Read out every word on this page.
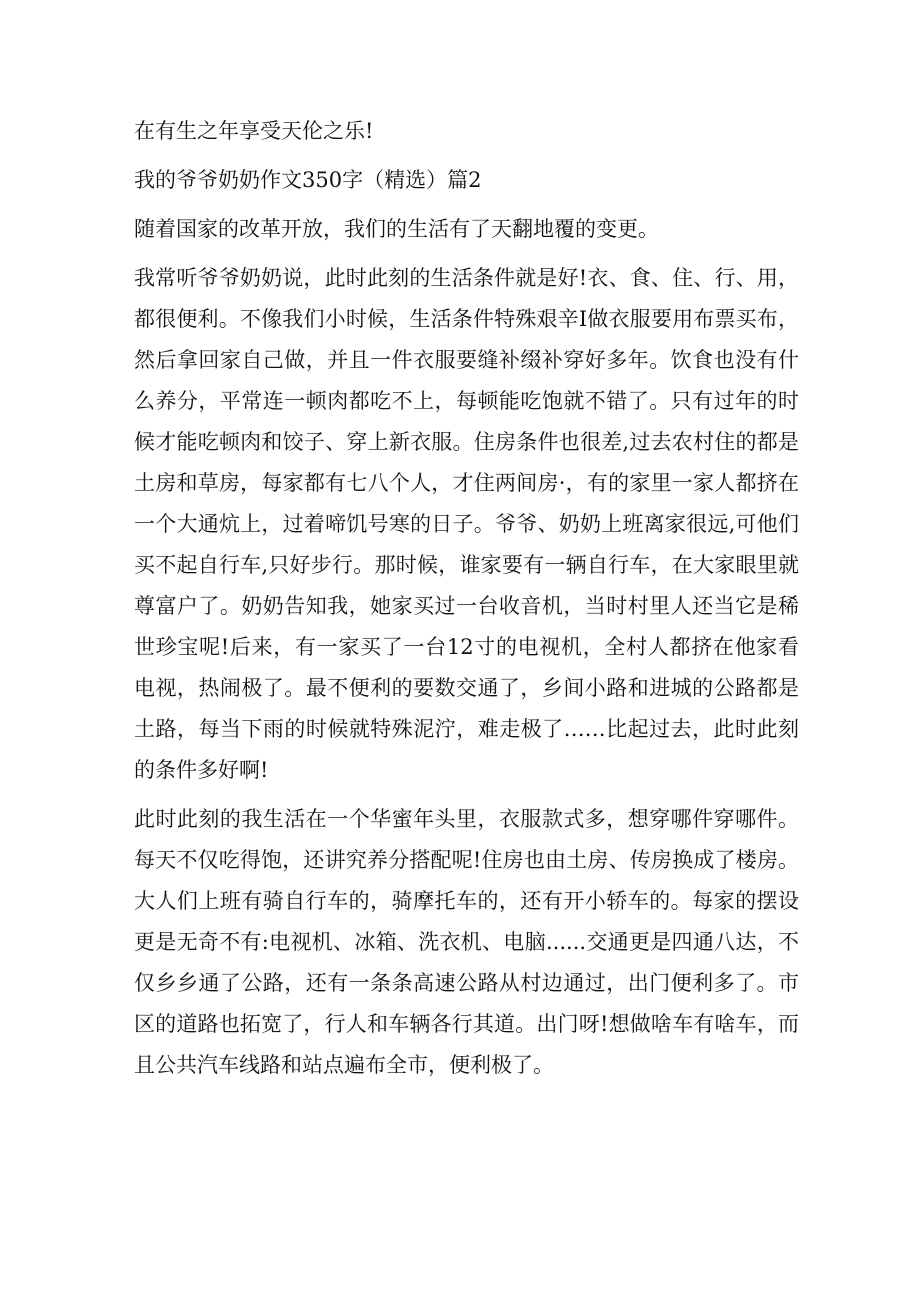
在有生之年享受天伦之乐!

我的爷爷奶奶作文350字（精选）篇2

随着国家的改革开放，我们的生活有了天翻地覆的变更。

我常听爷爷奶奶说，此时此刻的生活条件就是好!衣、食、住、行、用，都很便利。不像我们小时候，生活条件特殊艰辛I做衣服要用布票买布，然后拿回家自己做，并且一件衣服要缝补缀补穿好多年。饮食也没有什么养分，平常连一顿肉都吃不上，每顿能吃饱就不错了。只有过年的时候才能吃顿肉和饺子、穿上新衣服。住房条件也很差,过去农村住的都是土房和草房，每家都有七八个人，才住两间房·，有的家里一家人都挤在一个大通炕上，过着啼饥号寒的日子。爷爷、奶奶上班离家很远,可他们买不起自行车,只好步行。那时候，谁家要有一辆自行车，在大家眼里就尊富户了。奶奶告知我，她家买过一台收音机，当时村里人还当它是稀世珍宝呢!后来，有一家买了一台12寸的电视机，全村人都挤在他家看电视，热闹极了。最不便利的要数交通了，乡间小路和进城的公路都是土路，每当下雨的时候就特殊泥泞，难走极了……比起过去，此时此刻的条件多好啊!

此时此刻的我生活在一个华蜜年头里，衣服款式多，想穿哪件穿哪件。每天不仅吃得饱，还讲究养分搭配呢!住房也由土房、传房换成了楼房。大人们上班有骑自行车的，骑摩托车的，还有开小轿车的。每家的摆设更是无奇不有:电视机、冰箱、洗衣机、电脑......交通更是四通八达，不仅乡乡通了公路，还有一条条高速公路从村边通过，出门便利多了。市区的道路也拓宽了，行人和车辆各行其道。出门呀!想做啥车有啥车，而且公共汽车线路和站点遍布全市，便利极了。
